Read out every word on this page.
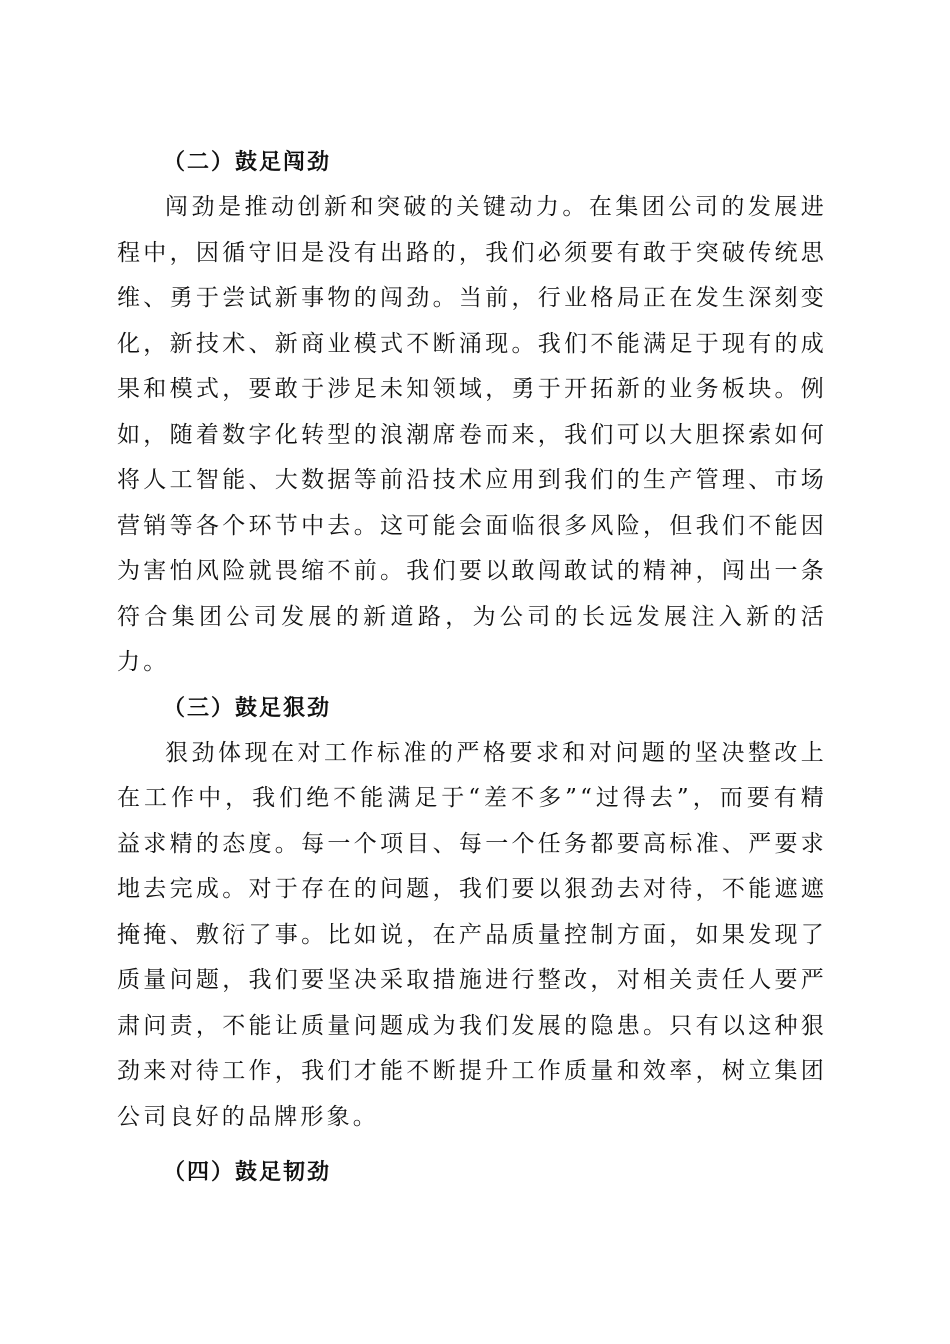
（二）鼓足闯劲

闯劲是推动创新和突破的关键动力。在集团公司的发展进程中，因循守旧是没有出路的，我们必须要有敢于突破传统思维、勇于尝试新事物的闯劲。当前，行业格局正在发生深刻变化，新技术、新商业模式不断涌现。我们不能满足于现有的成果和模式，要敢于涉足未知领域，勇于开拓新的业务板块。例如，随着数字化转型的浪潮席卷而来，我们可以大胆探索如何将人工智能、大数据等前沿技术应用到我们的生产管理、市场营销等各个环节中去。这可能会面临很多风险，但我们不能因为害怕风险就畏缩不前。我们要以敢闯敢试的精神，闯出一条符合集团公司发展的新道路，为公司的长远发展注入新的活力。

（三）鼓足狠劲

狠劲体现在对工作标准的严格要求和对问题的坚决整改上在工作中，我们绝不能满足于“差不多”“过得去”，而要有精益求精的态度。每一个项目、每一个任务都要高标准、严要求地去完成。对于存在的问题，我们要以狠劲去对待，不能遮遮掩掩、敷衍了事。比如说，在产品质量控制方面，如果发现了质量问题，我们要坚决采取措施进行整改，对相关责任人要严肃问责，不能让质量问题成为我们发展的隐患。只有以这种狠劲来对待工作，我们才能不断提升工作质量和效率，树立集团公司良好的品牌形象。

（四）鼓足韧劲
